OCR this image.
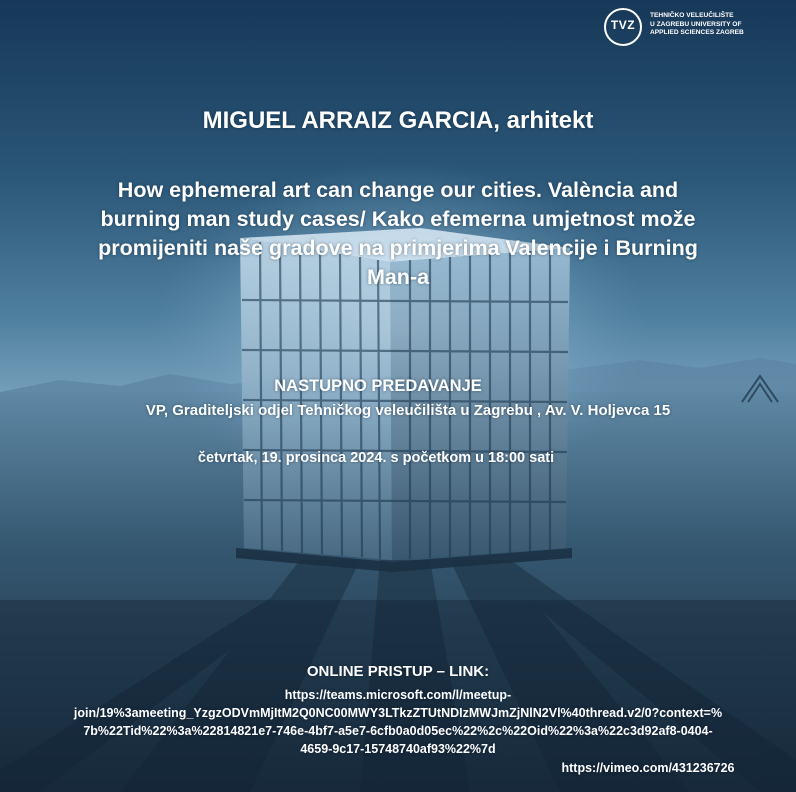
TVZ
TEHNIČKO VELEUČILIŠTE
U ZAGREBU UNIVERSITY OF
APPLIED SCIENCES ZAGREB
MIGUEL ARRAIZ GARCIA, arhitekt
How ephemeral art can change our cities. València and
burning man study cases/ Kako efemerna umjetnost može
promijeniti naše gradove na primjerima Valencije i Burning
Man-a
NASTUPNO PREDAVANJE
VP, Graditeljski odjel Tehničkog veleučilišta u Zagrebu , Av. V. Holjevca 15
četvrtak, 19. prosinca 2024. s početkom u 18:00 sati
ONLINE PRISTUP – LINK:
https://teams.microsoft.com/l/meetup-
join/19%3ameeting_YzgzODVmMjItM2Q0NC00MWY3LTkzZTUtNDIzMWJmZjNlN2Vl%40thread.v2/0?context=%
7b%22Tid%22%3a%22814821e7-746e-4bf7-a5e7-6cfb0a0d05ec%22%2c%22Oid%22%3a%22c3d92af8-0404-
4659-9c17-15748740af93%22%7d
https://vimeo.com/431236726
